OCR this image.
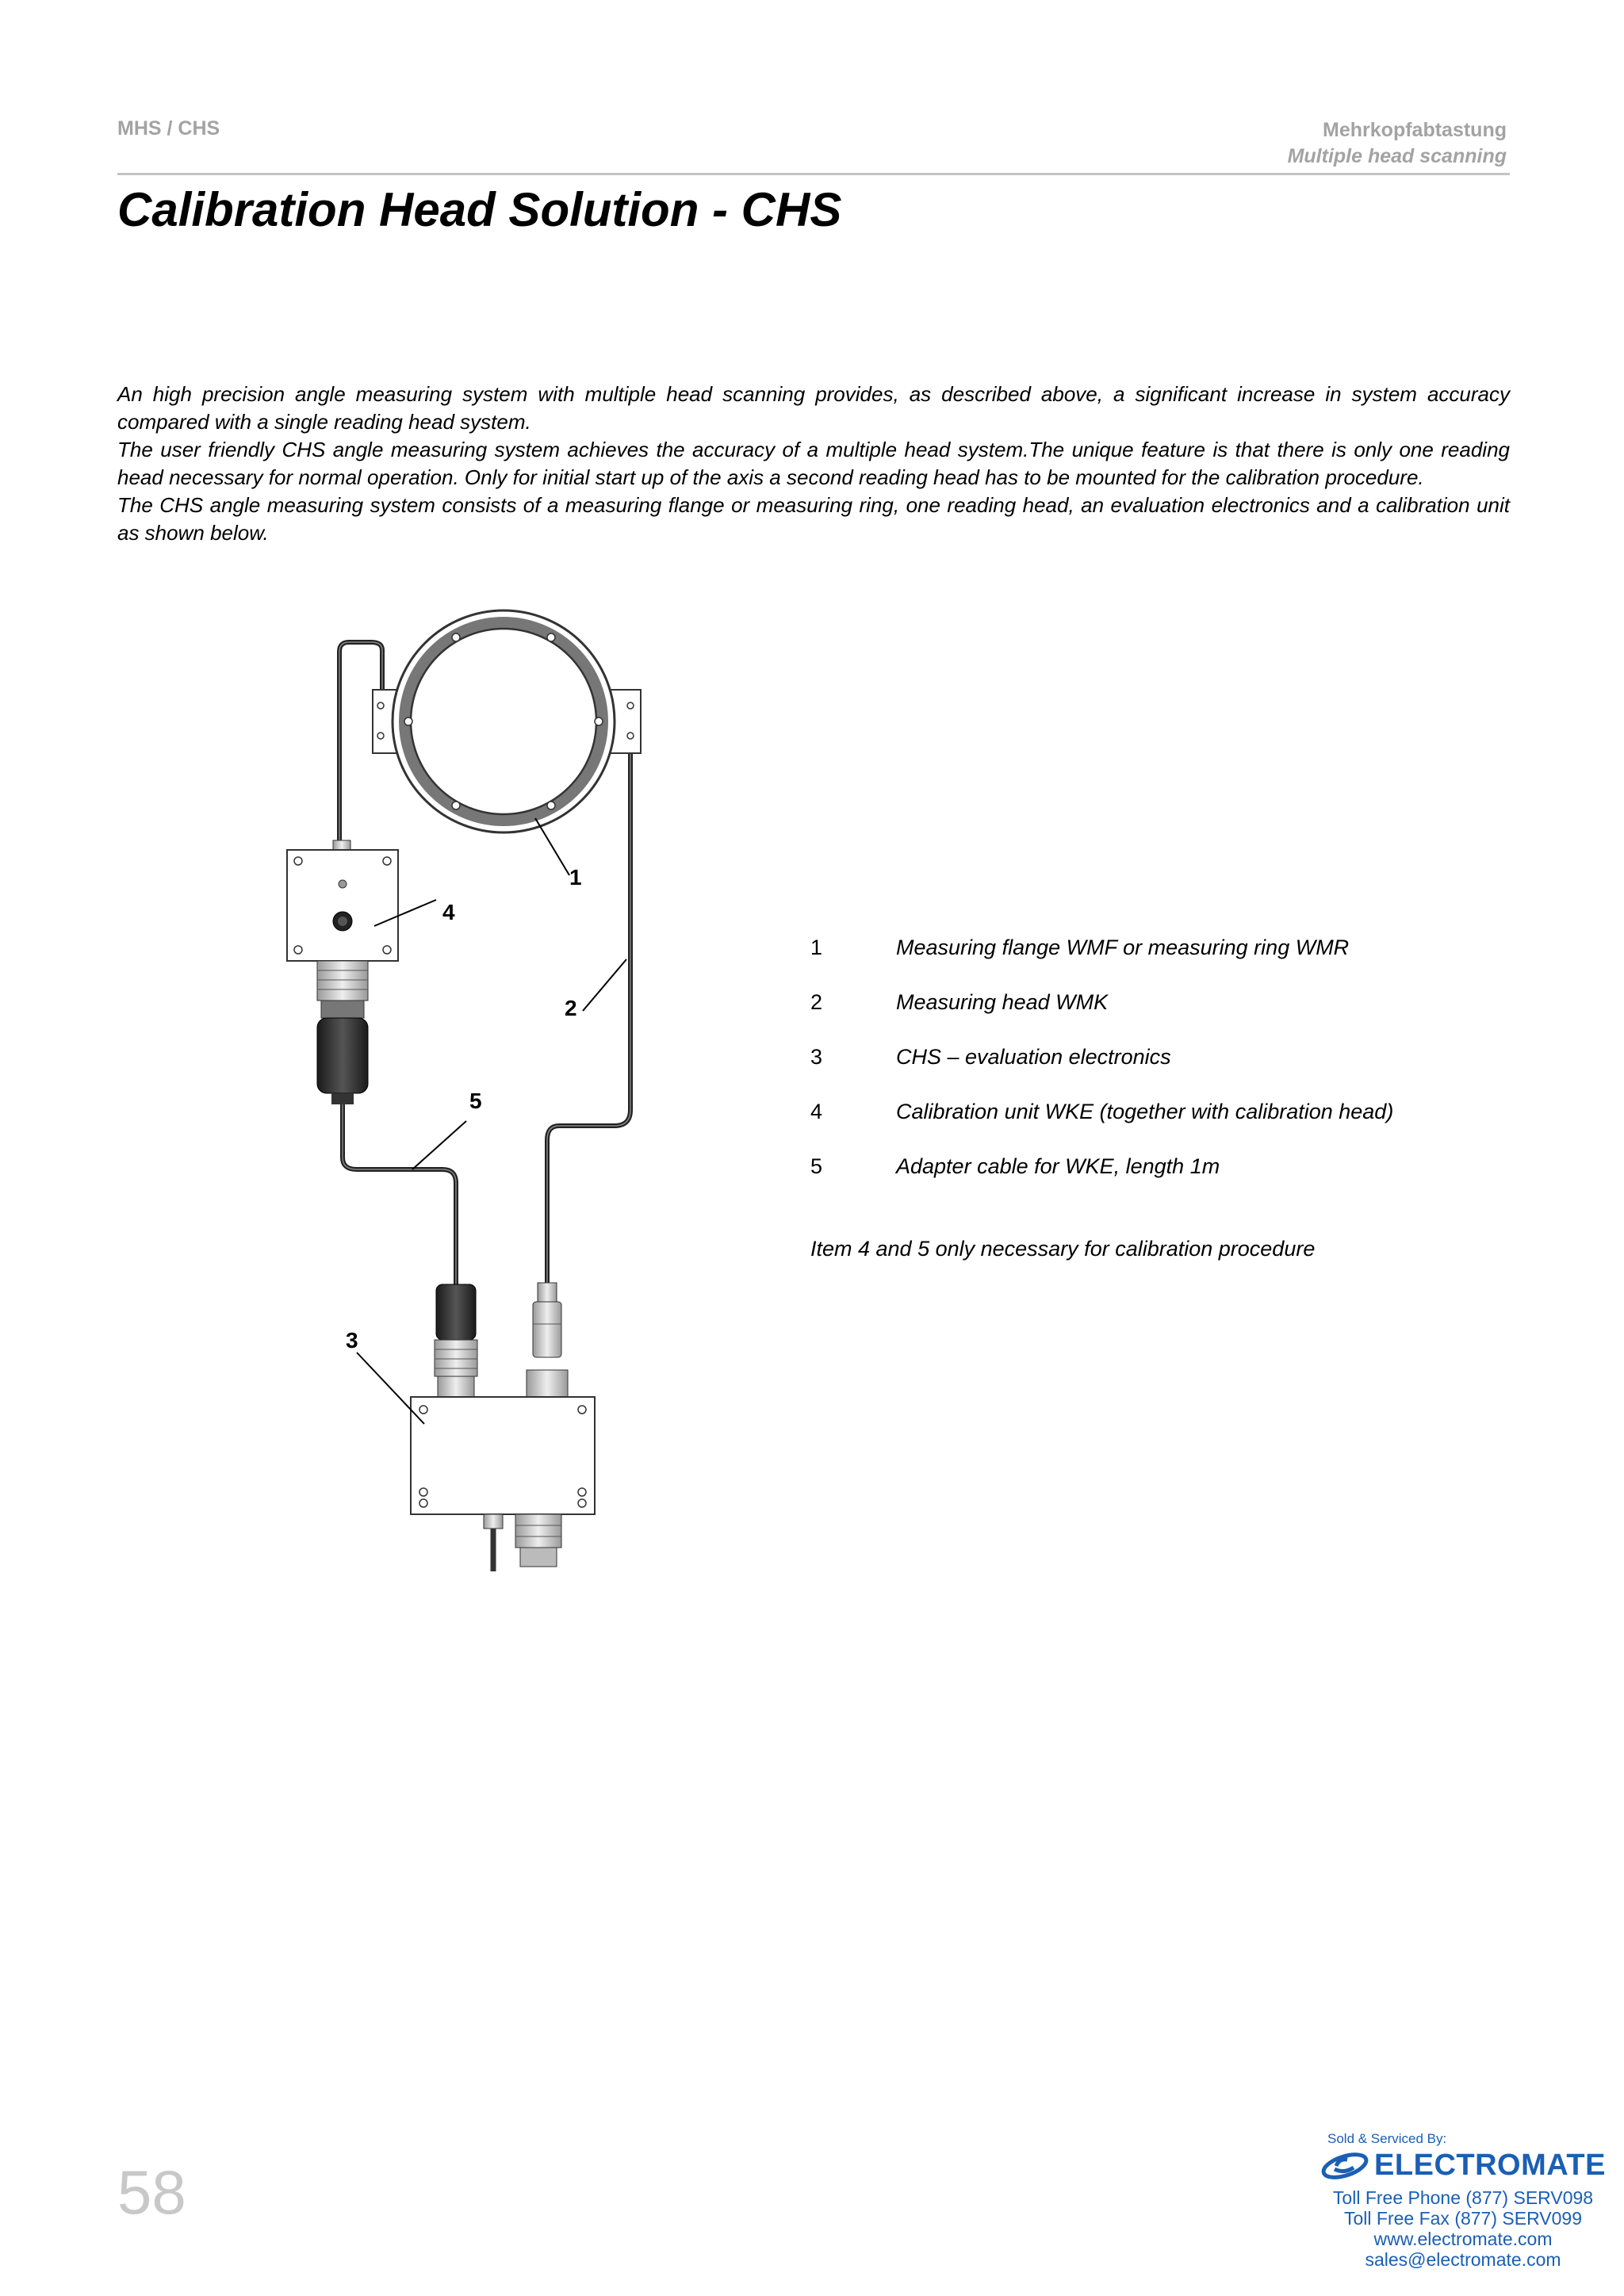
MHS / CHS	Mehrkopfabtastung
Multiple head scanning
Calibration Head Solution - CHS

An high precision angle measuring system with multiple head scanning provides, as described above, a significant increase in system accuracy compared with a single reading head system.

The user friendly CHS angle measuring system achieves the accuracy of a multiple head system.The unique feature is that there is only one reading head necessary for normal operation. Only for initial start up of the axis a second reading head has to be mounted for the calibration procedure.

The CHS angle measuring system consists of a measuring flange or measuring ring, one reading head, an evaluation electronics and a calibration unit as shown below.

1
2
3
4
5
1	Measuring flange WMF or measuring ring WMR
2	Measuring head WMK
3	CHS – evaluation electronics
4	Calibration unit WKE (together with calibration head)
5	Adapter cable for WKE, length 1m
Item 4 and 5 only necessary for calibration procedure
58
Sold & Serviced By:
ELECTROMATE
Toll Free Phone (877) SERV098
Toll Free Fax (877) SERV099
www.electromate.com
sales@electromate.com
